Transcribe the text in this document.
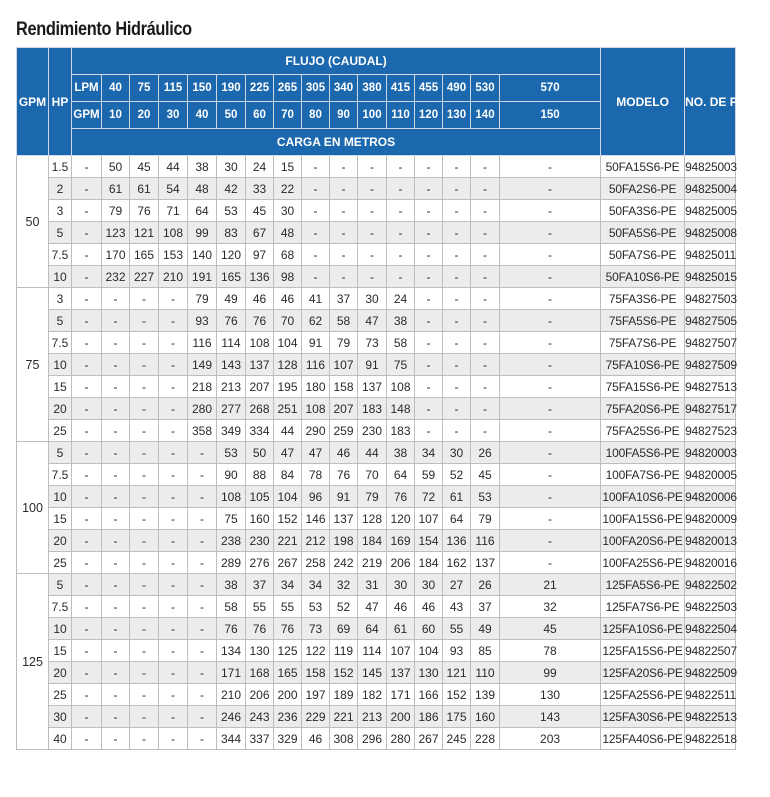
Rendimiento Hidráulico
GPM	HP	FLUJO (CAUDAL)																MODELO	NO. DE PARTE
		LPM	40	75	115	150	190	225	265	305	340	380	415	455	490	530	570		
		GPM	10	20	30	40	50	60	70	80	90	100	110	120	130	140	150		
		CARGA EN METROS																	
50	1.5	-	50	45	44	38	30	24	15	-	-	-	-	-	-	-	-	50FA15S6-PE	94825003
	2	-	61	61	54	48	42	33	22	-	-	-	-	-	-	-	-	50FA2S6-PE	94825004
	3	-	79	76	71	64	53	45	30	-	-	-	-	-	-	-	-	50FA3S6-PE	94825005
	5	-	123	121	108	99	83	67	48	-	-	-	-	-	-	-	-	50FA5S6-PE	94825008
	7.5	-	170	165	153	140	120	97	68	-	-	-	-	-	-	-	-	50FA7S6-PE	94825011
	10	-	232	227	210	191	165	136	98	-	-	-	-	-	-	-	-	50FA10S6-PE	94825015
75	3	-	-	-	-	79	49	46	46	41	37	30	24	-	-	-	-	75FA3S6-PE	94827503
	5	-	-	-	-	93	76	76	70	62	58	47	38	-	-	-	-	75FA5S6-PE	94827505
	7.5	-	-	-	-	116	114	108	104	91	79	73	58	-	-	-	-	75FA7S6-PE	94827507
	10	-	-	-	-	149	143	137	128	116	107	91	75	-	-	-	-	75FA10S6-PE	94827509
	15	-	-	-	-	218	213	207	195	180	158	137	108	-	-	-	-	75FA15S6-PE	94827513
	20	-	-	-	-	280	277	268	251	108	207	183	148	-	-	-	-	75FA20S6-PE	94827517
	25	-	-	-	-	358	349	334	44	290	259	230	183	-	-	-	-	75FA25S6-PE	94827523
100	5	-	-	-	-	-	53	50	47	47	46	44	38	34	30	26	-	100FA5S6-PE	94820003
	7.5	-	-	-	-	-	90	88	84	78	76	70	64	59	52	45	-	100FA7S6-PE	94820005
	10	-	-	-	-	-	108	105	104	96	91	79	76	72	61	53	-	100FA10S6-PE	94820006
	15	-	-	-	-	-	75	160	152	146	137	128	120	107	64	79	-	100FA15S6-PE	94820009
	20	-	-	-	-	-	238	230	221	212	198	184	169	154	136	116	-	100FA20S6-PE	94820013
	25	-	-	-	-	-	289	276	267	258	242	219	206	184	162	137	-	100FA25S6-PE	94820016
125	5	-	-	-	-	-	38	37	34	34	32	31	30	30	27	26	21	125FA5S6-PE	94822502
	7.5	-	-	-	-	-	58	55	55	53	52	47	46	46	43	37	32	125FA7S6-PE	94822503
	10	-	-	-	-	-	76	76	76	73	69	64	61	60	55	49	45	125FA10S6-PE	94822504
	15	-	-	-	-	-	134	130	125	122	119	114	107	104	93	85	78	125FA15S6-PE	94822507
	20	-	-	-	-	-	171	168	165	158	152	145	137	130	121	110	99	125FA20S6-PE	94822509
	25	-	-	-	-	-	210	206	200	197	189	182	171	166	152	139	130	125FA25S6-PE	94822511
	30	-	-	-	-	-	246	243	236	229	221	213	200	186	175	160	143	125FA30S6-PE	94822513
	40	-	-	-	-	-	344	337	329	46	308	296	280	267	245	228	203	125FA40S6-PE	94822518
